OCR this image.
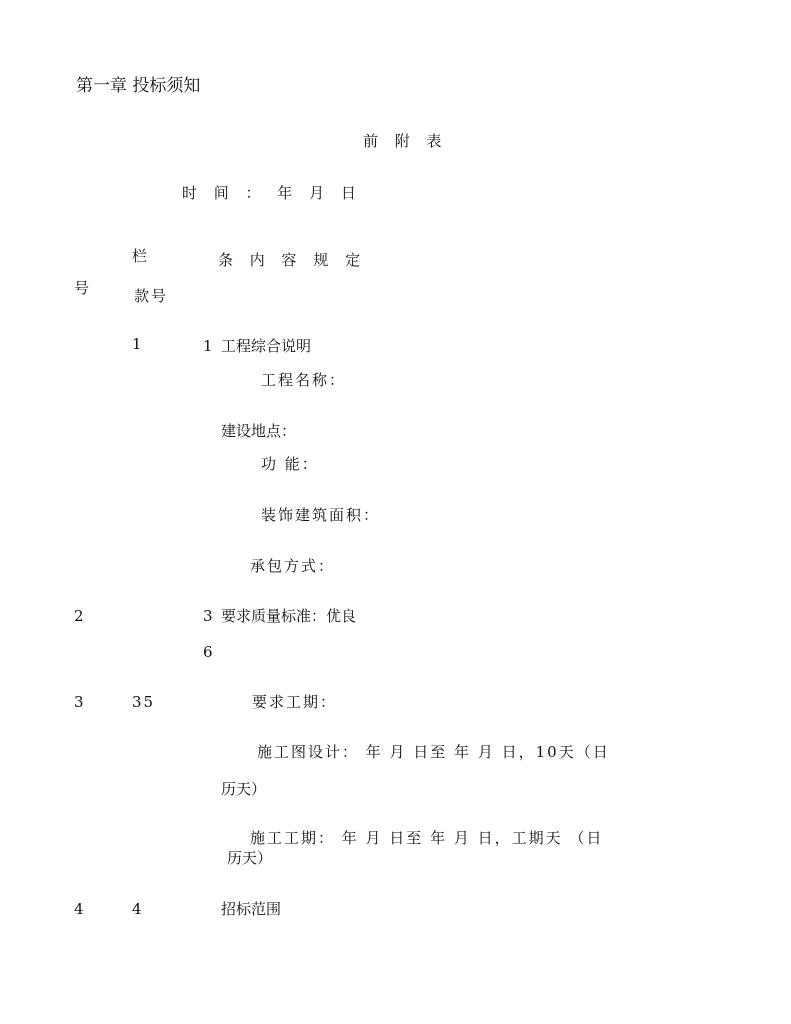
第一章 投标须知
前 附 表
时 间 ： 年 月 日
栏
号	款号
条 内 容 规 定
1	1 工程综合说明
工程名称：
建设地点：
功 能：
装饰建筑面积：
承包方式：
2	3 要求质量标准：优良
6
3	35	要求工期：
施工图设计： 年 月 日至 年 月 日，10天（日
历天）
施工工期： 年 月 日至 年 月 日，工期天 （日
历天）
4	4	招标范围
